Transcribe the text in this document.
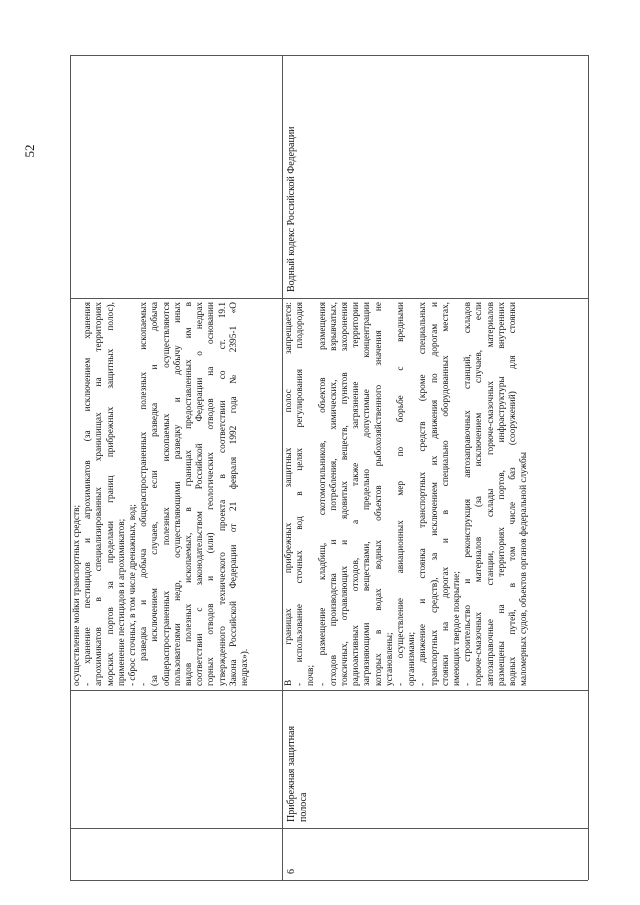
52
6
Прибрежная защитная полоса
В границах прибрежных защитных полос запрещается: - использование сточных вод в целях регулирования плодородия почв; - размещение кладбищ, скотомогильников, объектов размещения отходов производства и потребления, химических, взрывчатых, токсичных, отравляющих и ядовитых веществ, пунктов захоронения радиоактивных отходов, а также загрязнение территории загрязняющими веществами, предельно допустимые концентрации которых в водах водных объектов рыбохозяйственного значения не установлены; - осуществление авиационных мер по борьбе с вредными организмами; - движение и стоянка транспортных средств (кроме специальных транспортных средств), за исключением их движения по дорогам и стоянки на дорогах и в специально оборудованных местах, имеющих твердое покрытие; - строительство и реконструкция автозаправочных станций, складов горюче-смазочных материалов (за исключением случаев, если автозаправочные станции, склады горюче-смазочных материалов размещены на территориях портов, инфраструктуры внутренних водных путей, в том числе баз (сооружений) для стоянки маломерных судов, объектов органов федеральной службы
Водный кодекс Российской Федерации
осуществление мойки транспортных средств; - хранение пестицидов и агрохимикатов (за исключением хранения агрохимикатов в специализированных хранилищах на территориях морских портов за пределами границ прибрежных защитных полос), применение пестицидов и агрохимикатов; - сброс сточных, в том числе дренажных, вод; - разведка и добыча общераспространенных полезных ископаемых (за исключением случаев, если разведка и добыча общераспространенных полезных ископаемых осуществляются пользователями недр, осуществляющими разведку и добычу иных видов полезных ископаемых, в границах предоставленных им в соответствии с законодательством Российской Федерации о недрах горных отводов и (или) геологических отводов на основании утвержденного технического проекта в соответствии со ст. 19.1 Закона Российской Федерации от 21 февраля 1992 года № 2395-1 «О недрах»).
